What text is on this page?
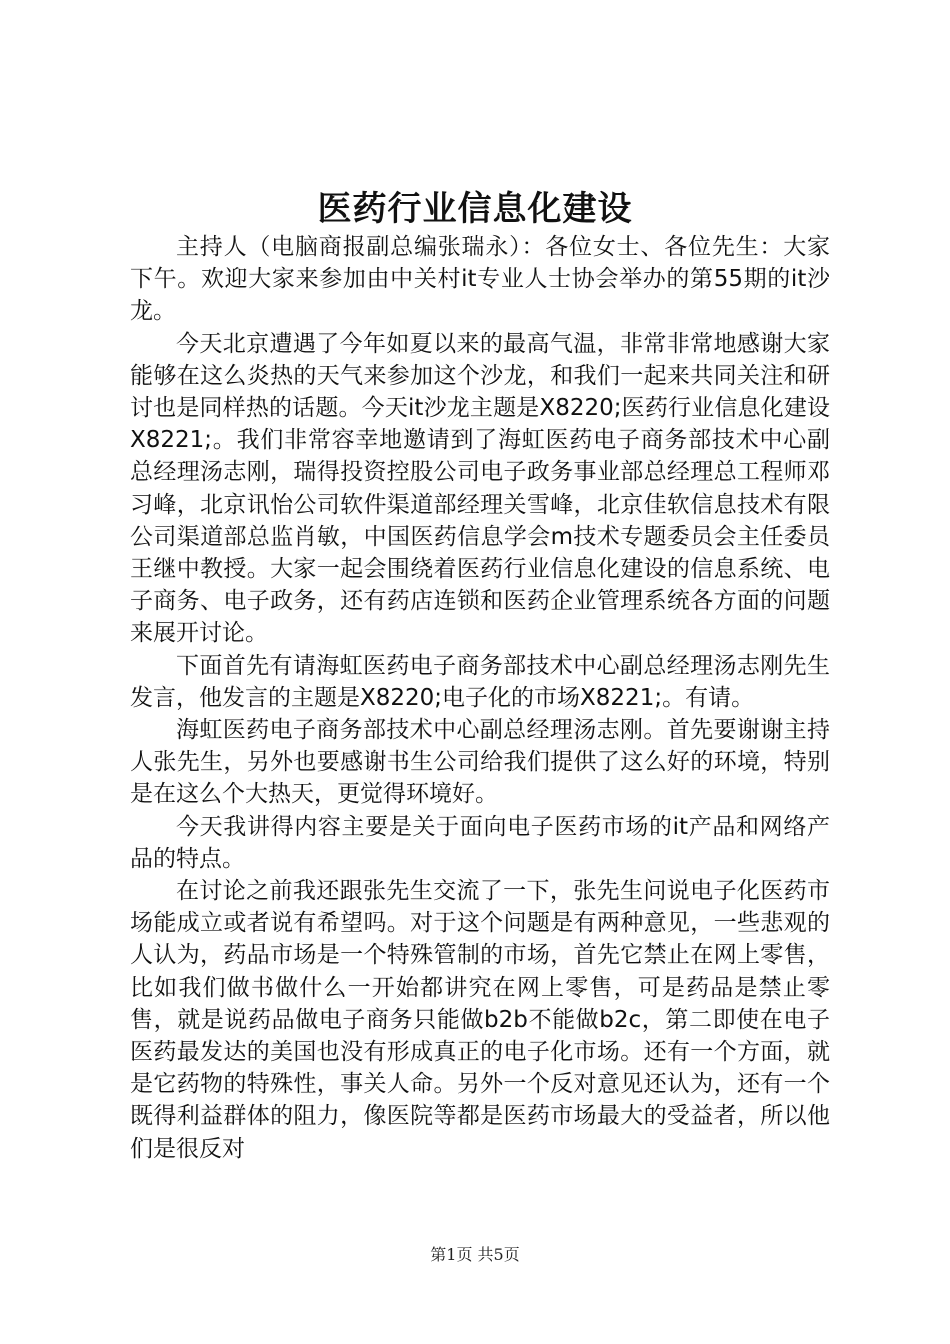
医药行业信息化建设

主持人（电脑商报副总编张瑞永）：各位女士、各位先生：大家下午。欢迎大家来参加由中关村it专业人士协会举办的第55期的it沙龙。

今天北京遭遇了今年如夏以来的最高气温，非常非常地感谢大家能够在这么炎热的天气来参加这个沙龙，和我们一起来共同关注和研讨也是同样热的话题。今天it沙龙主题是X8220;医药行业信息化建设X8221;。我们非常容幸地邀请到了海虹医药电子商务部技术中心副总经理汤志刚，瑞得投资控股公司电子政务事业部总经理总工程师邓习峰，北京讯怡公司软件渠道部经理关雪峰，北京佳软信息技术有限公司渠道部总监肖敏，中国医药信息学会m技术专题委员会主任委员王继中教授。大家一起会围绕着医药行业信息化建设的信息系统、电子商务、电子政务，还有药店连锁和医药企业管理系统各方面的问题来展开讨论。

下面首先有请海虹医药电子商务部技术中心副总经理汤志刚先生发言，他发言的主题是X8220;电子化的市场X8221;。有请。

海虹医药电子商务部技术中心副总经理汤志刚。首先要谢谢主持人张先生，另外也要感谢书生公司给我们提供了这么好的环境，特别是在这么个大热天，更觉得环境好。

今天我讲得内容主要是关于面向电子医药市场的it产品和网络产品的特点。

在讨论之前我还跟张先生交流了一下，张先生问说电子化医药市场能成立或者说有希望吗。对于这个问题是有两种意见，一些悲观的人认为，药品市场是一个特殊管制的市场，首先它禁止在网上零售，比如我们做书做什么一开始都讲究在网上零售，可是药品是禁止零售，就是说药品做电子商务只能做b2b不能做b2c，第二即使在电子医药最发达的美国也没有形成真正的电子化市场。还有一个方面，就是它药物的特殊性，事关人命。另外一个反对意见还认为，还有一个既得利益群体的阻力，像医院等都是医药市场最大的受益者，所以他们是很反对

第1页 共5页
